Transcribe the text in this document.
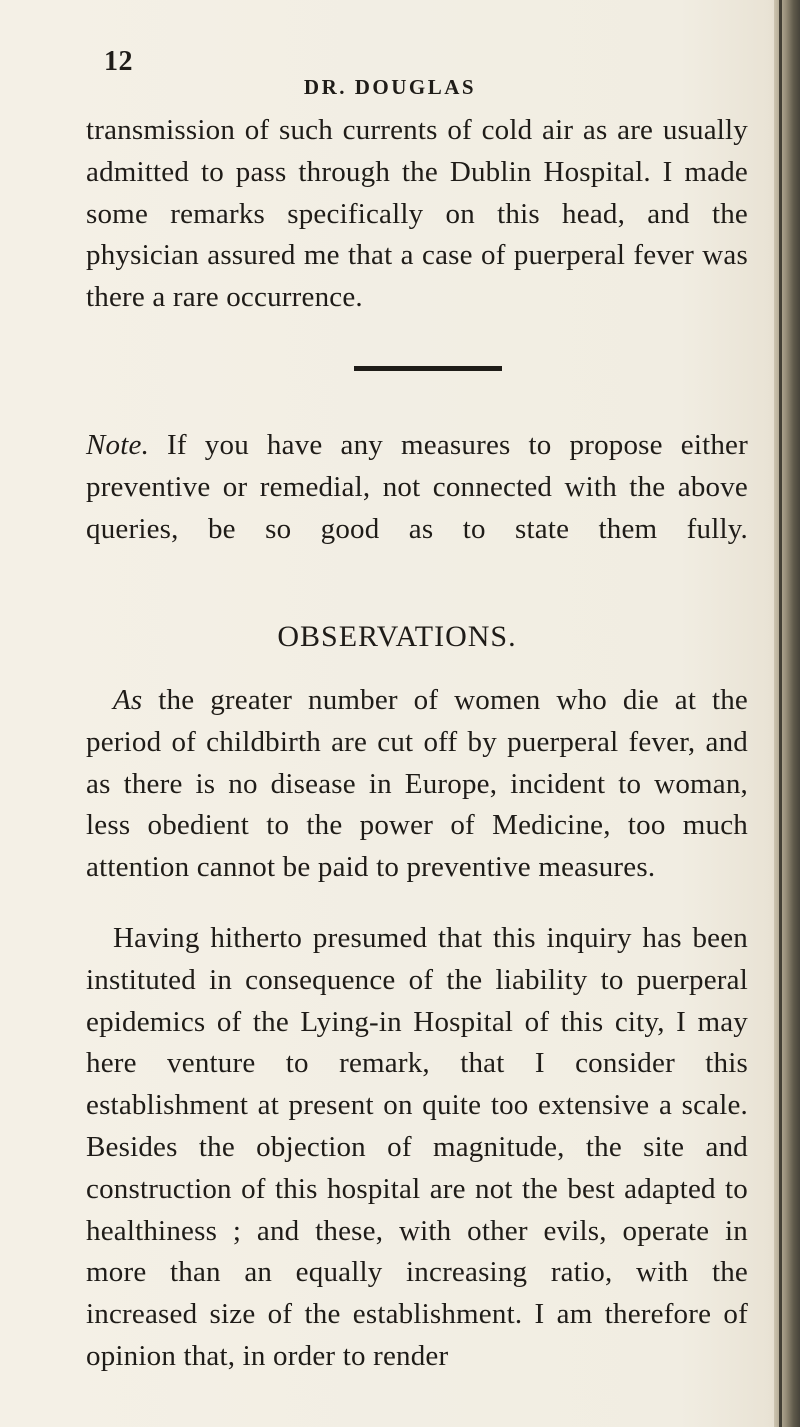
12
DR. DOUGLAS

transmission of such currents of cold air as are usually admitted to pass through the Dublin Hospital. I made some remarks specifically on this head, and the physician assured me that a case of puerperal fever was there a rare occurrence.

Note. If you have any measures to propose either preventive or remedial, not connected with the above queries, be so good as to state them fully.

OBSERVATIONS.

As the greater number of women who die at the period of childbirth are cut off by puerperal fever, and as there is no disease in Europe, incident to woman, less obedient to the power of Medicine, too much attention cannot be paid to preventive measures.

Having hitherto presumed that this inquiry has been instituted in consequence of the liability to puerperal epidemics of the Lying-in Hospital of this city, I may here venture to remark, that I consider this establishment at present on quite too extensive a scale. Besides the objection of magnitude, the site and construction of this hospital are not the best adapted to healthiness ; and these, with other evils, operate in more than an equally increasing ratio, with the increased size of the establishment. I am therefore of opinion that, in order to render
